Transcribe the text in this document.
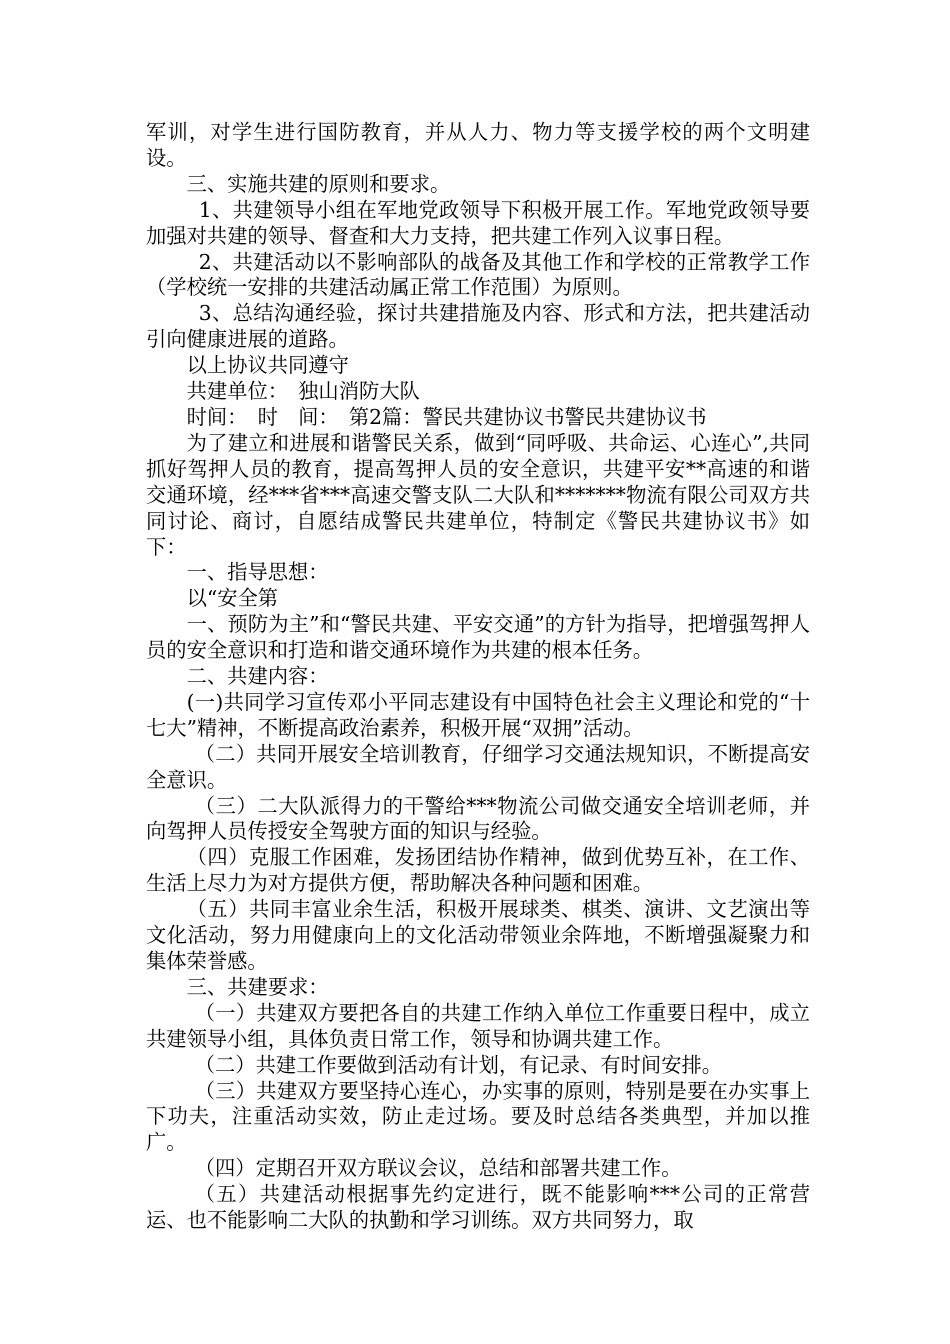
军训，对学生进行国防教育，并从人力、物力等支援学校的两个文明建设。

三、实施共建的原则和要求。

1、共建领导小组在军地党政领导下积极开展工作。军地党政领导要加强对共建的领导、督查和大力支持，把共建工作列入议事日程。

2、共建活动以不影响部队的战备及其他工作和学校的正常教学工作（学校统一安排的共建活动属正常工作范围）为原则。

3、总结沟通经验，探讨共建措施及内容、形式和方法，把共建活动引向健康进展的道路。

以上协议共同遵守

共建单位：　独山消防大队

时间：　时　间：　第2篇：警民共建协议书警民共建协议书

为了建立和进展和谐警民关系，做到“同呼吸、共命运、心连心”,共同抓好驾押人员的教育，提高驾押人员的安全意识，共建平安**高速的和谐交通环境，经***省***高速交警支队二大队和*******物流有限公司双方共同讨论、商讨，自愿结成警民共建单位，特制定《警民共建协议书》如下：

一、指导思想：

以“安全第

一、预防为主”和“警民共建、平安交通”的方针为指导，把增强驾押人员的安全意识和打造和谐交通环境作为共建的根本任务。

二、共建内容：

(一)共同学习宣传邓小平同志建设有中国特色社会主义理论和党的“十七大”精神，不断提高政治素养，积极开展“双拥”活动。

（二）共同开展安全培训教育，仔细学习交通法规知识，不断提高安全意识。

（三）二大队派得力的干警给***物流公司做交通安全培训老师，并向驾押人员传授安全驾驶方面的知识与经验。

（四）克服工作困难，发扬团结协作精神，做到优势互补，在工作、生活上尽力为对方提供方便，帮助解决各种问题和困难。

（五）共同丰富业余生活，积极开展球类、棋类、演讲、文艺演出等文化活动，努力用健康向上的文化活动带领业余阵地，不断增强凝聚力和集体荣誉感。

三、共建要求：

（一）共建双方要把各自的共建工作纳入单位工作重要日程中，成立共建领导小组，具体负责日常工作，领导和协调共建工作。

（二）共建工作要做到活动有计划，有记录、有时间安排。

（三）共建双方要坚持心连心，办实事的原则，特别是要在办实事上下功夫，注重活动实效，防止走过场。要及时总结各类典型，并加以推广。

（四）定期召开双方联议会议，总结和部署共建工作。

（五）共建活动根据事先约定进行，既不能影响***公司的正常营运、也不能影响二大队的执勤和学习训练。双方共同努力，取
